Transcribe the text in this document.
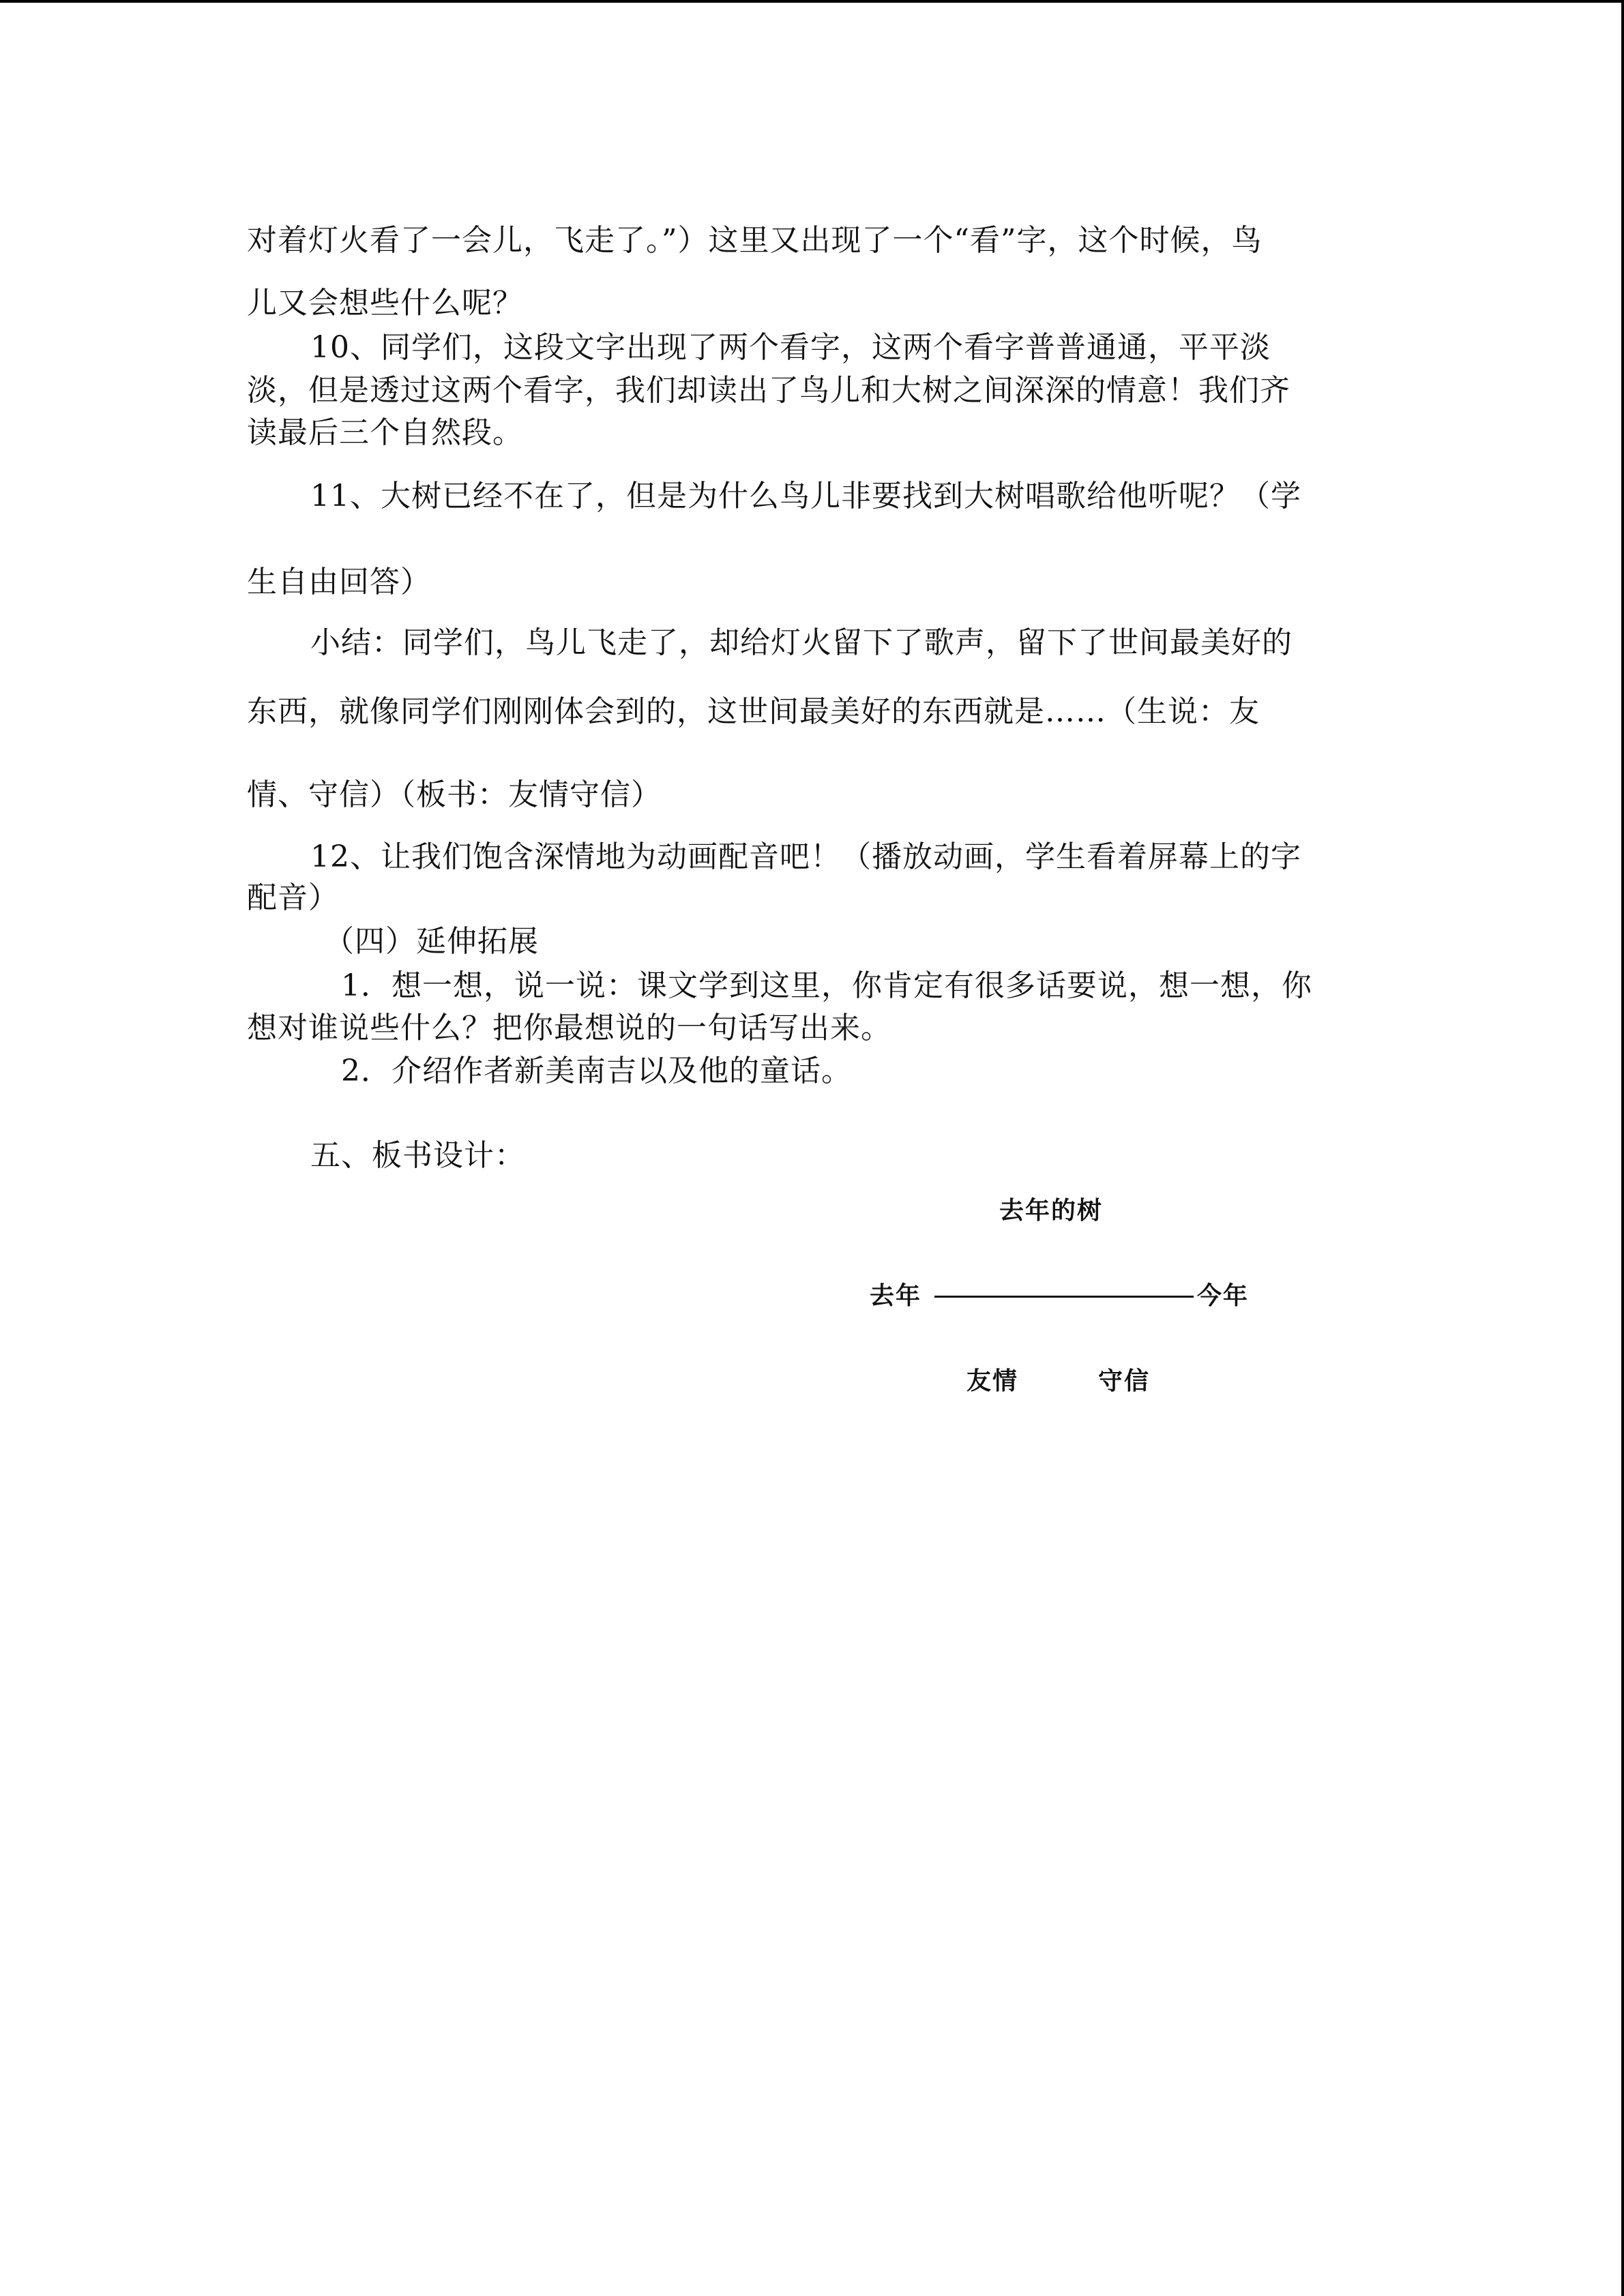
对着灯火看了一会儿，飞走了。”）这里又出现了一个“看”字，这个时候，鸟
儿又会想些什么呢？
10、同学们，这段文字出现了两个看字，这两个看字普普通通，平平淡
淡，但是透过这两个看字，我们却读出了鸟儿和大树之间深深的情意！我们齐
读最后三个自然段。
11、大树已经不在了，但是为什么鸟儿非要找到大树唱歌给他听呢？（学
生自由回答）
小结：同学们，鸟儿飞走了，却给灯火留下了歌声，留下了世间最美好的
东西，就像同学们刚刚体会到的，这世间最美好的东西就是……（生说：友
情、守信）（板书：友情守信）
12、让我们饱含深情地为动画配音吧！（播放动画，学生看着屏幕上的字
配音）
（四）延伸拓展
1．想一想，说一说：课文学到这里，你肯定有很多话要说，想一想，你
想对谁说些什么？把你最想说的一句话写出来。
2．介绍作者新美南吉以及他的童话。
五、板书设计：
去年的树
去年	今年
友情	守信
